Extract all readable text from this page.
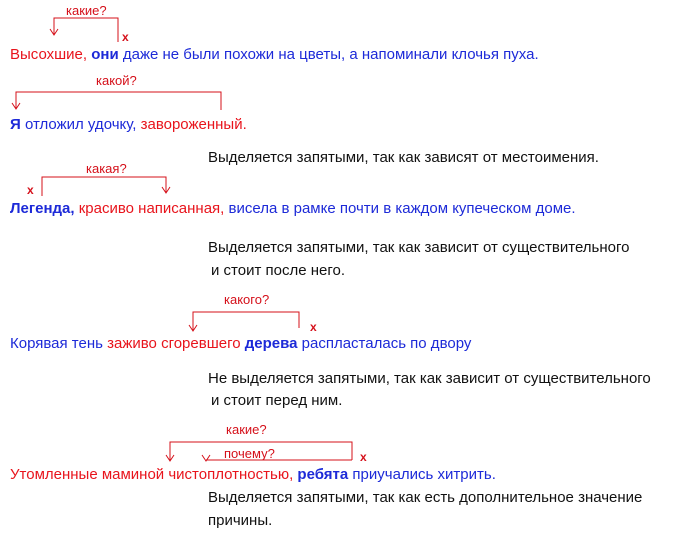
какие?
х
Высохшие, они даже не были похожи на цветы, а напоминали клочья пуха.
какой?
Я отложил удочку, завороженный.
Выделяется запятыми, так как зависят от местоимения.
какая?
х
Легенда, красиво написанная, висела в рамке почти в каждом купеческом доме.
Выделяется запятыми, так как зависит от существительного
и стоит после него.
какого?
х
Корявая тень заживо сгоревшего дерева распласталась по двору
Не выделяется запятыми, так как зависит от существительного
и стоит перед ним.
какие?
почему?	х
Утомленные маминой чистоплотностью, ребята приучались хитрить.
Выделяется запятыми, так как есть дополнительное значение
причины.
